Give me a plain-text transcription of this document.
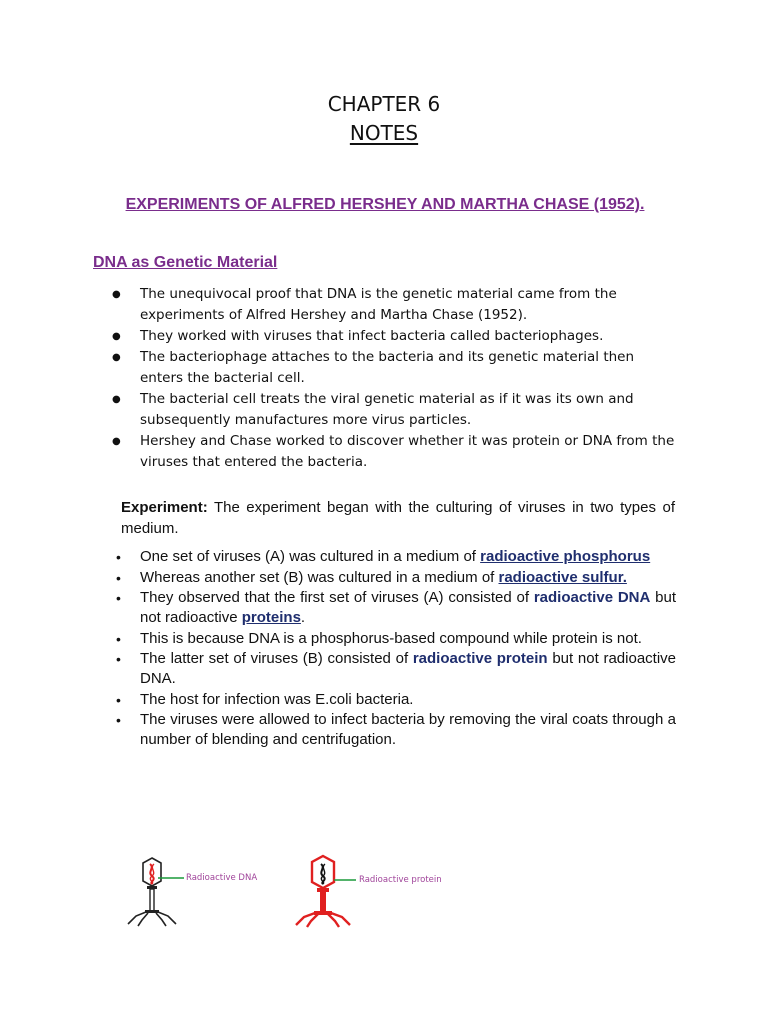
CHAPTER 6
NOTES
EXPERIMENTS OF ALFRED HERSHEY AND MARTHA CHASE (1952).
DNA as Genetic Material
● The unequivocal proof that DNA is the genetic material came from the experiments of Alfred Hershey and Martha Chase (1952).
● They worked with viruses that infect bacteria called bacteriophages.
● The bacteriophage attaches to the bacteria and its genetic material then enters the bacterial cell.
● The bacterial cell treats the viral genetic material as if it was its own and subsequently manufactures more virus particles.
● Hershey and Chase worked to discover whether it was protein or DNA from the viruses that entered the bacteria.

Experiment: The experiment began with the culturing of viruses in two types of medium.

• One set of viruses (A) was cultured in a medium of radioactive phosphorus
• Whereas another set (B) was cultured in a medium of radioactive sulfur.
• They observed that the first set of viruses (A) consisted of radioactive DNA but not radioactive proteins.
• This is because DNA is a phosphorus-based compound while protein is not.
• The latter set of viruses (B) consisted of radioactive protein but not radioactive DNA.
• The host for infection was E.coli bacteria.
• The viruses were allowed to infect bacteria by removing the viral coats through a number of blending and centrifugation.
Radioactive DNA	Radioactive protein
